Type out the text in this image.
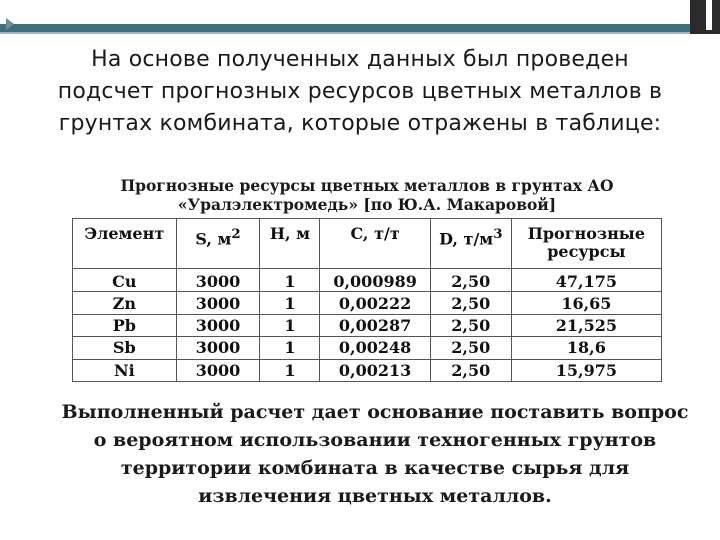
На основе полученных данных был проведен подсчет прогнозных ресурсов цветных металлов в грунтах комбината, которые отражены в таблице:
Прогнозные ресурсы цветных металлов в грунтах АО
«Уралэлектромедь» [по Ю.А. Макаровой]
Элемент	S, $м^2$	H, м	C, т/т	D, $т/м^3$	Прогнозные ресурсы
Cu	3000	1	0,000989	2,50	47,175
Zn	3000	1	0,00222	2,50	16,65
Pb	3000	1	0,00287	2,50	21,525
Sb	3000	1	0,00248	2,50	18,6
Ni	3000	1	0,00213	2,50	15,975
Выполненный расчет дает основание поставить вопрос о вероятном использовании техногенных грунтов территории комбината в качестве сырья для извлечения цветных металлов.
